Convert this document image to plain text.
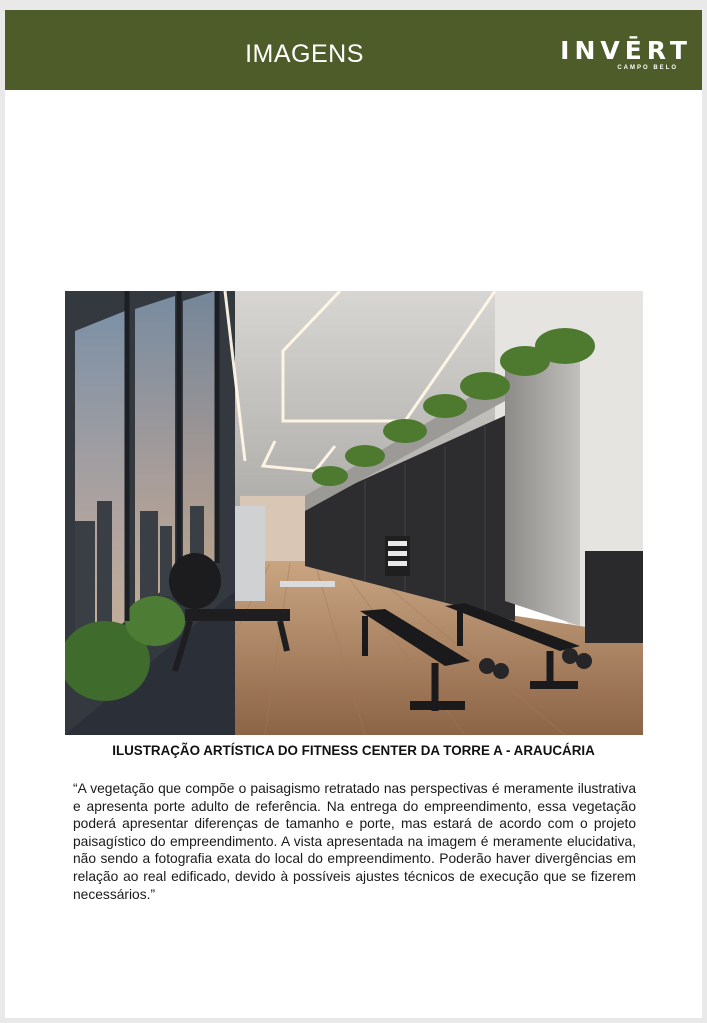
IMAGENS	INVĒRT
CAMPO BELO
ILUSTRAÇÃO ARTÍSTICA DO FITNESS CENTER DA TORRE A - ARAUCÁRIA
“A vegetação que compõe o paisagismo retratado nas perspectivas é meramente ilustrativa e apresenta porte adulto de referência. Na entrega do empreendimento, essa vegetação poderá apresentar diferenças de tamanho e porte, mas estará de acordo com o projeto paisagístico do empreendimento. A vista apresentada na imagem é meramente elucidativa, não sendo a fotografia exata do local do empreendimento. Poderão haver divergências em relação ao real edificado, devido à possíveis ajustes técnicos de execução que se fizerem necessários.”
